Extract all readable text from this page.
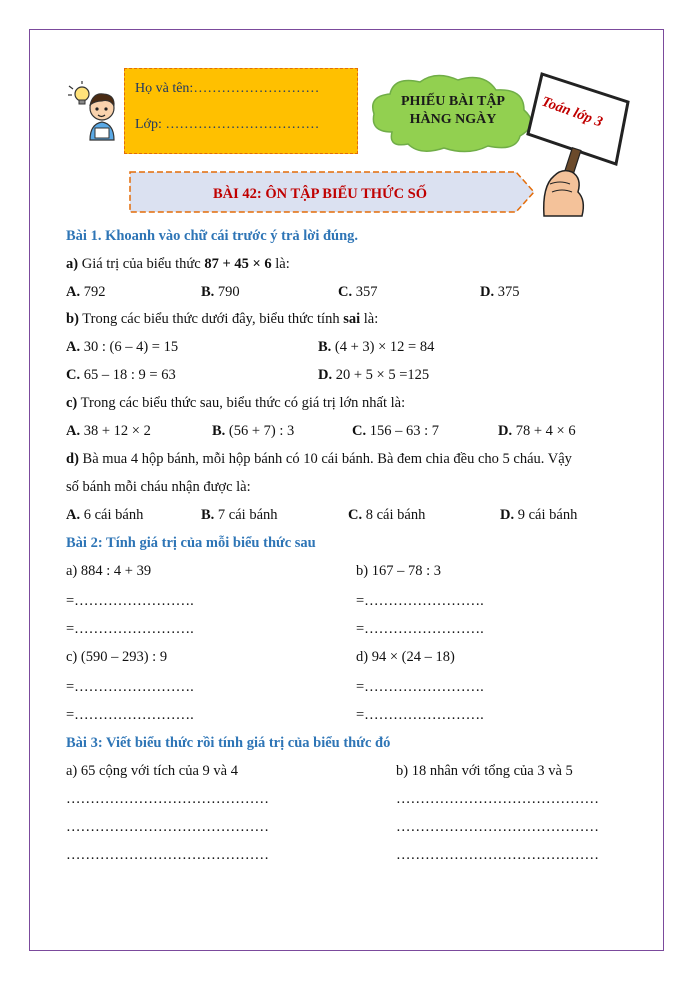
Họ và tên:………………………
Lớp: ……………………………
PHIẾU BÀI TẬP
HÀNG NGÀY	Toán lớp 3
BÀI 42: ÔN TẬP BIỂU THỨC SỐ
Bài 1. Khoanh vào chữ cái trước ý trả lời đúng.
a) Giá trị của biểu thức 87 + 45 × 6 là:
A. 792	B. 790	C. 357	D. 375
b) Trong các biểu thức dưới đây, biểu thức tính sai là:
A. 30 : (6 – 4) = 15	B. (4 + 3) × 12 = 84
C. 65 – 18 : 9 = 63	D. 20 + 5 × 5 =125
c) Trong các biểu thức sau, biểu thức có giá trị lớn nhất là:
A. 38 + 12 × 2	B. (56 + 7) : 3	C. 156 – 63 : 7	D. 78 + 4 × 6
d) Bà mua 4 hộp bánh, mỗi hộp bánh có 10 cái bánh. Bà đem chia đều cho 5 cháu. Vậy
số bánh mỗi cháu nhận được là:
A. 6 cái bánh	B. 7 cái bánh	C. 8 cái bánh	D. 9 cái bánh
Bài 2: Tính giá trị của mỗi biểu thức sau
a) 884 : 4 + 39	b) 167 – 78 : 3
=…………………….	=…………………….
=…………………….	=…………………….
c) (590 – 293) : 9	d) 94 × (24 – 18)
=…………………….	=…………………….
=…………………….	=…………………….
Bài 3: Viết biểu thức rồi tính giá trị của biểu thức đó
a) 65 cộng với tích của 9 và 4	b) 18 nhân với tổng của 3 và 5
……………………………………	……………………………………
……………………………………	……………………………………
……………………………………	……………………………………
